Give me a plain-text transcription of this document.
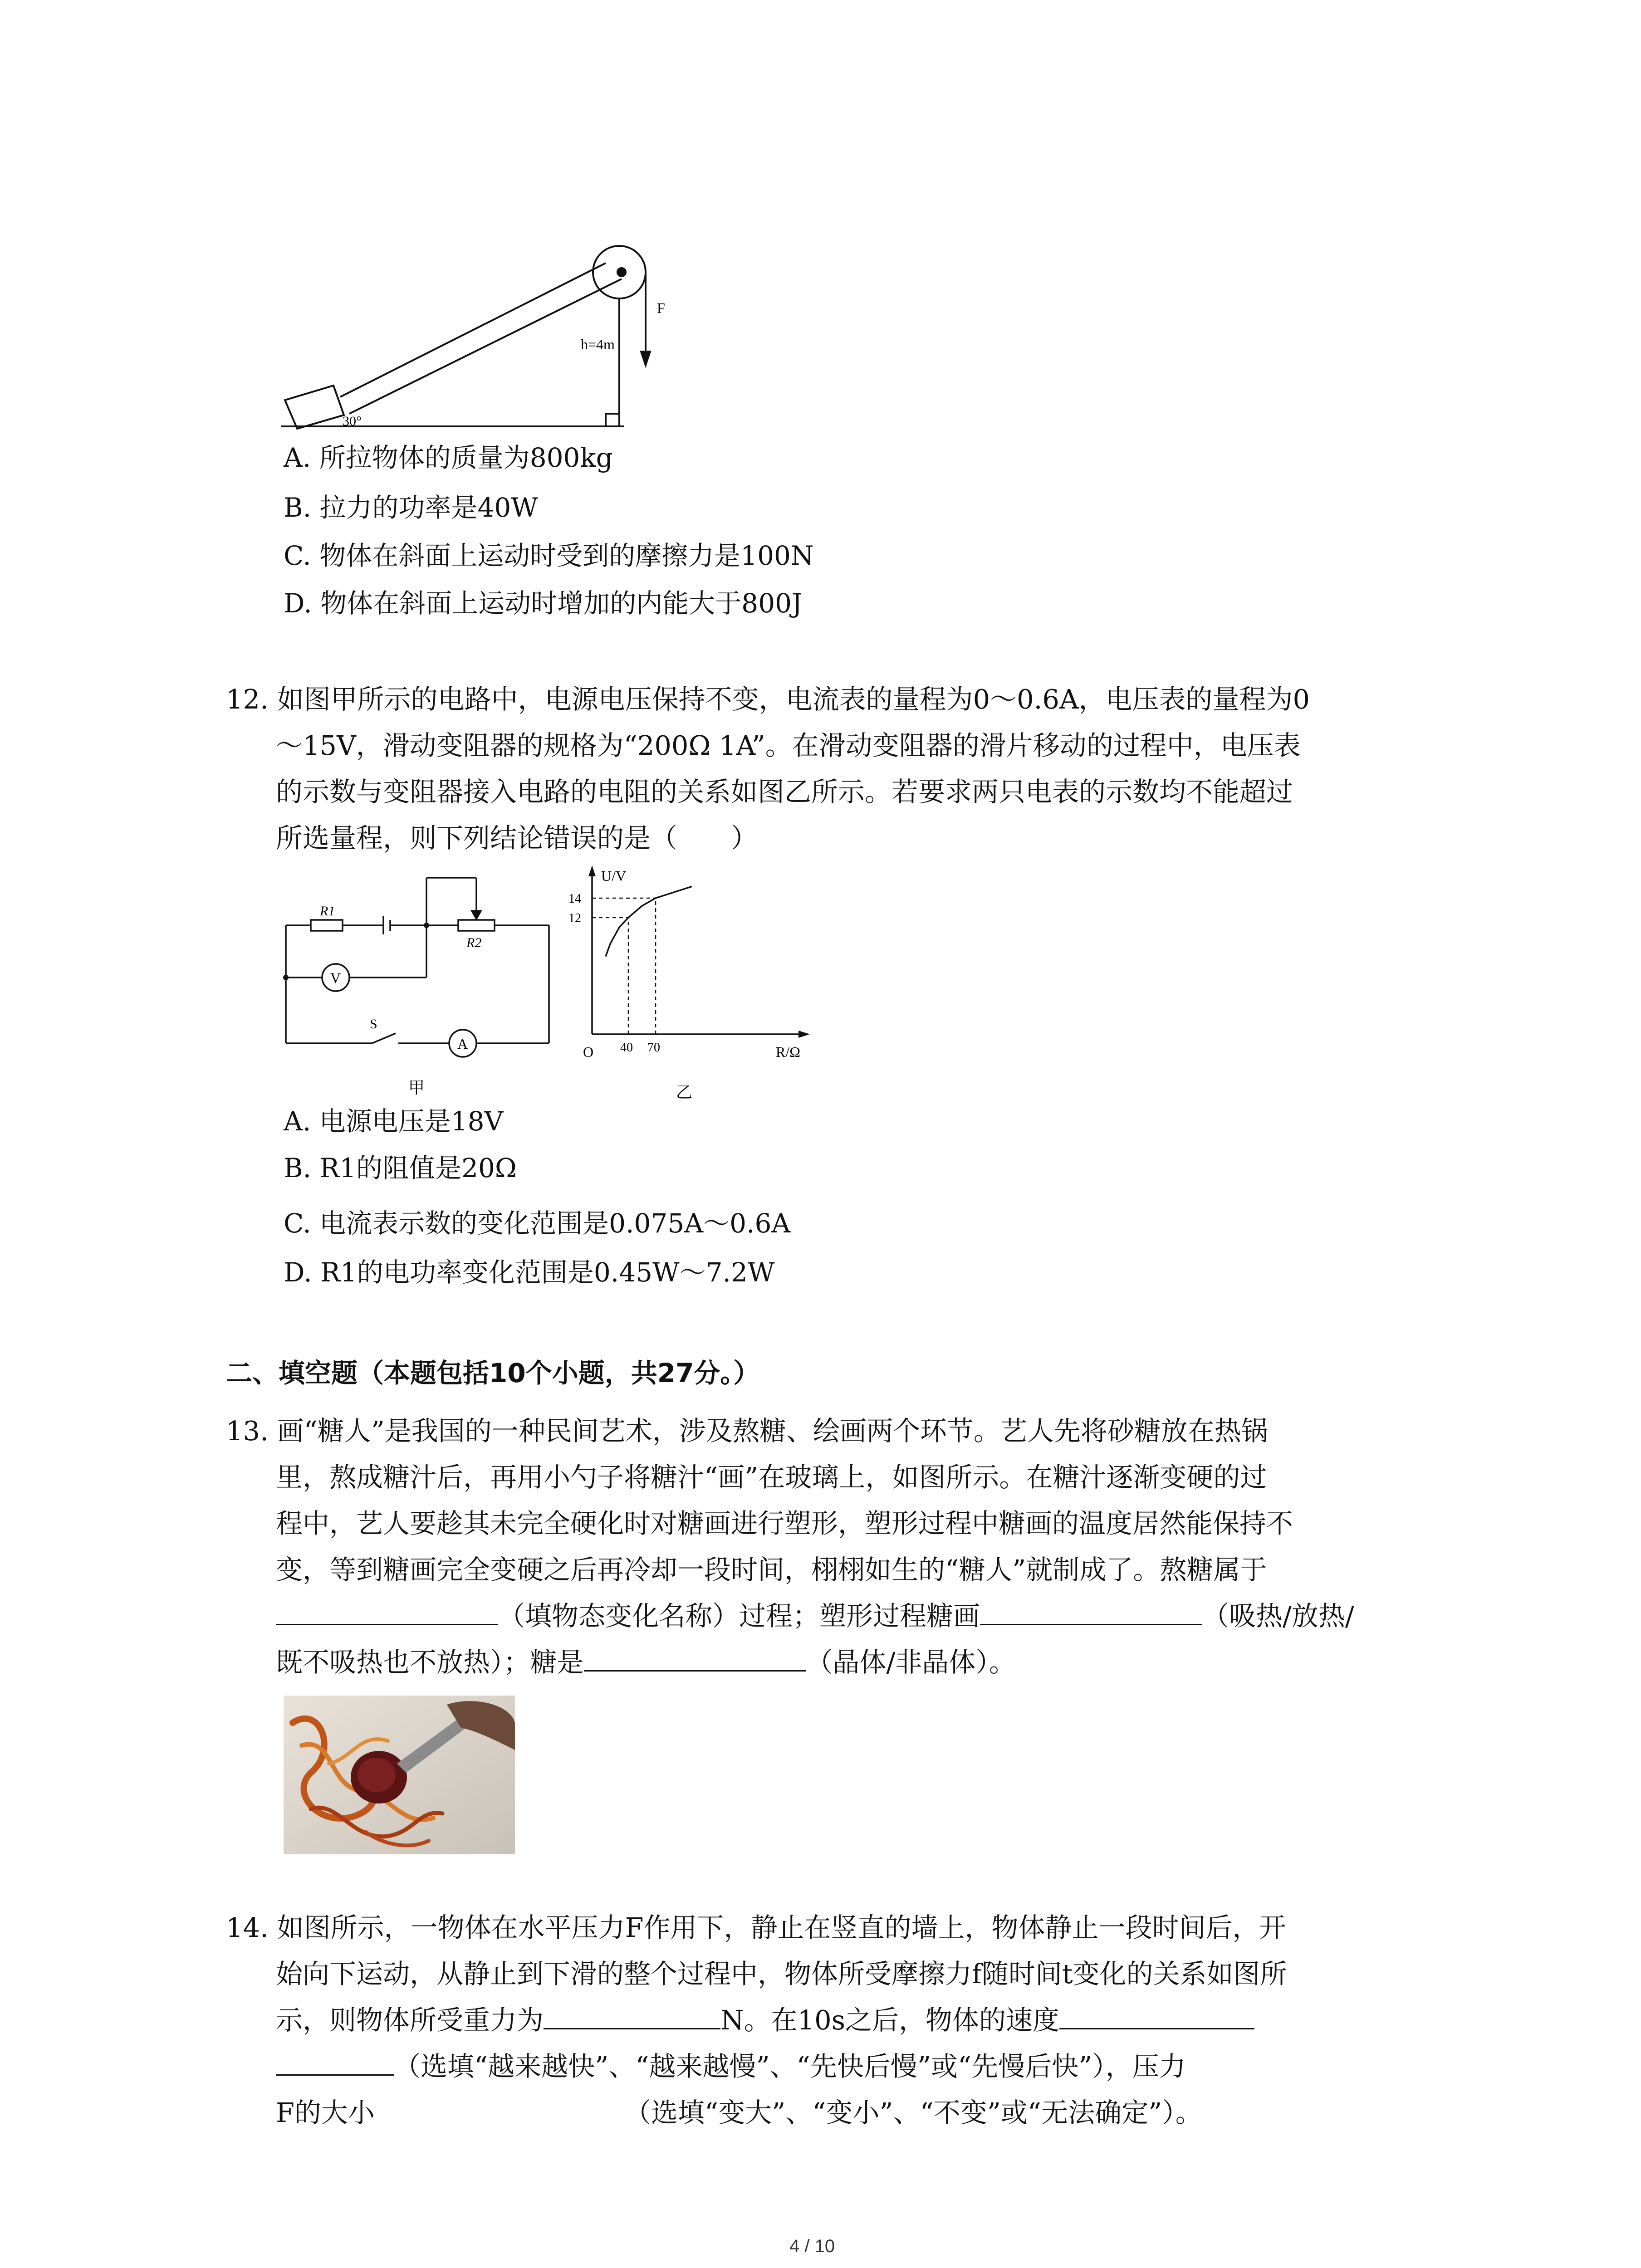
F
h=4m
30°
A. 所拉物体的质量为800kg
B. 拉力的功率是40W
C. 物体在斜面上运动时受到的摩擦力是100N
D. 物体在斜面上运动时增加的内能大于800J
12. 如图甲所示的电路中，电源电压保持不变，电流表的量程为0～0.6A，电压表的量程为0
～15V，滑动变阻器的规格为“200Ω 1A”。在滑动变阻器的滑片移动的过程中，电压表
的示数与变阻器接入电路的电阻的关系如图乙所示。若要求两只电表的示数均不能超过
所选量程，则下列结论错误的是（　　）
R1
R2
V
A
S
甲
40 70
14
12
U/V
R/Ω
O
乙
A. 电源电压是18V
B. R1的阻值是20Ω
C. 电流表示数的变化范围是0.075A～0.6A
D. R1的电功率变化范围是0.45W～7.2W
二、填空题（本题包括10个小题，共27分。）
13. 画“糖人”是我国的一种民间艺术，涉及熬糖、绘画两个环节。艺人先将砂糖放在热锅
里，熬成糖汁后，再用小勺子将糖汁“画”在玻璃上，如图所示。在糖汁逐渐变硬的过
程中，艺人要趁其未完全硬化时对糖画进行塑形，塑形过程中糖画的温度居然能保持不
变，等到糖画完全变硬之后再冷却一段时间，栩栩如生的“糖人”就制成了。熬糖属于
（填物态变化名称）过程；塑形过程糖画	（吸热/放热/
既不吸热也不放热）；糖是	（晶体/非晶体）。
14. 如图所示，一物体在水平压力F作用下，静止在竖直的墙上，物体静止一段时间后，开
始向下运动，从静止到下滑的整个过程中，物体所受摩擦力f随时间t变化的关系如图所
示，则物体所受重力为	N。在10s之后，物体的速度
（选填“越来越快”、“越来越慢”、“先快后慢”或“先慢后快”），压力
F的大小	（选填“变大”、“变小”、“不变”或“无法确定”）。
4 / 10
